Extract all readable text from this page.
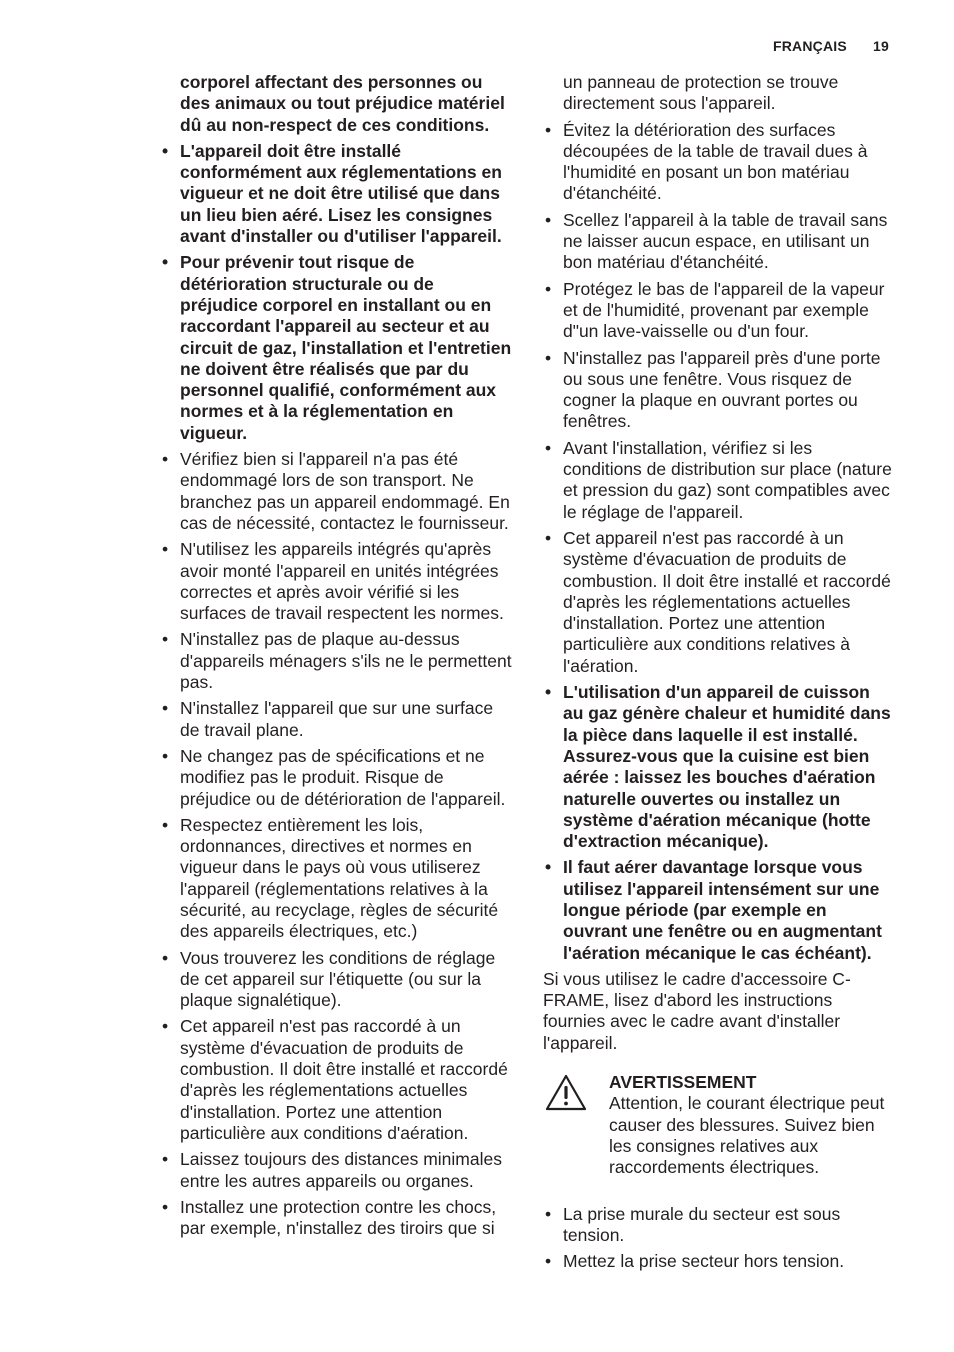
FRANÇAIS 19

corporel affectant des personnes ou des animaux ou tout préjudice matériel dû au non-respect de ces conditions.

• L'appareil doit être installé conformément aux réglementations en vigueur et ne doit être utilisé que dans un lieu bien aéré. Lisez les consignes avant d'installer ou d'utiliser l'appareil.
• Pour prévenir tout risque de détérioration structurale ou de préjudice corporel en installant ou en raccordant l'appareil au secteur et au circuit de gaz, l'installation et l'entretien ne doivent être réalisés que par du personnel qualifié, conformément aux normes et à la réglementation en vigueur.
• Vérifiez bien si l'appareil n'a pas été endommagé lors de son transport. Ne branchez pas un appareil endommagé. En cas de nécessité, contactez le fournisseur.
• N'utilisez les appareils intégrés qu'après avoir monté l'appareil en unités intégrées correctes et après avoir vérifié si les surfaces de travail respectent les normes.
• N'installez pas de plaque au-dessus d'appareils ménagers s'ils ne le permettent pas.
• N'installez l'appareil que sur une surface de travail plane.
• Ne changez pas de spécifications et ne modifiez pas le produit. Risque de préjudice ou de détérioration de l'appareil.
• Respectez entièrement les lois, ordonnances, directives et normes en vigueur dans le pays où vous utiliserez l'appareil (réglementations relatives à la sécurité, au recyclage, règles de sécurité des appareils électriques, etc.)
• Vous trouverez les conditions de réglage de cet appareil sur l'étiquette (ou sur la plaque signalétique).
• Cet appareil n'est pas raccordé à un système d'évacuation de produits de combustion. Il doit être installé et raccordé d'après les réglementations actuelles d'installation. Portez une attention particulière aux conditions d'aération.
• Laissez toujours des distances minimales entre les autres appareils ou organes.
• Installez une protection contre les chocs, par exemple, n'installez des tiroirs que si

un panneau de protection se trouve directement sous l'appareil.

• Évitez la détérioration des surfaces découpées de la table de travail dues à l'humidité en posant un bon matériau d'étanchéité.
• Scellez l'appareil à la table de travail sans ne laisser aucun espace, en utilisant un bon matériau d'étanchéité.
• Protégez le bas de l'appareil de la vapeur et de l'humidité, provenant par exemple d"un lave-vaisselle ou d'un four.
• N'installez pas l'appareil près d'une porte ou sous une fenêtre. Vous risquez de cogner la plaque en ouvrant portes ou fenêtres.
• Avant l'installation, vérifiez si les conditions de distribution sur place (nature et pression du gaz) sont compatibles avec le réglage de l'appareil.
• Cet appareil n'est pas raccordé à un système d'évacuation de produits de combustion. Il doit être installé et raccordé d'après les réglementations actuelles d'installation. Portez une attention particulière aux conditions relatives à l'aération.
• L'utilisation d'un appareil de cuisson au gaz génère chaleur et humidité dans la pièce dans laquelle il est installé. Assurez-vous que la cuisine est bien aérée : laissez les bouches d'aération naturelle ouvertes ou installez un système d'aération mécanique (hotte d'extraction mécanique).
• Il faut aérer davantage lorsque vous utilisez l'appareil intensément sur une longue période (par exemple en ouvrant une fenêtre ou en augmentant l'aération mécanique le cas échéant).

Si vous utilisez le cadre d'accessoire C-FRAME, lisez d'abord les instructions fournies avec le cadre avant d'installer l'appareil.

AVERTISSEMENT
Attention, le courant électrique peut causer des blessures. Suivez bien les consignes relatives aux raccordements électriques.
• La prise murale du secteur est sous tension.
• Mettez la prise secteur hors tension.
